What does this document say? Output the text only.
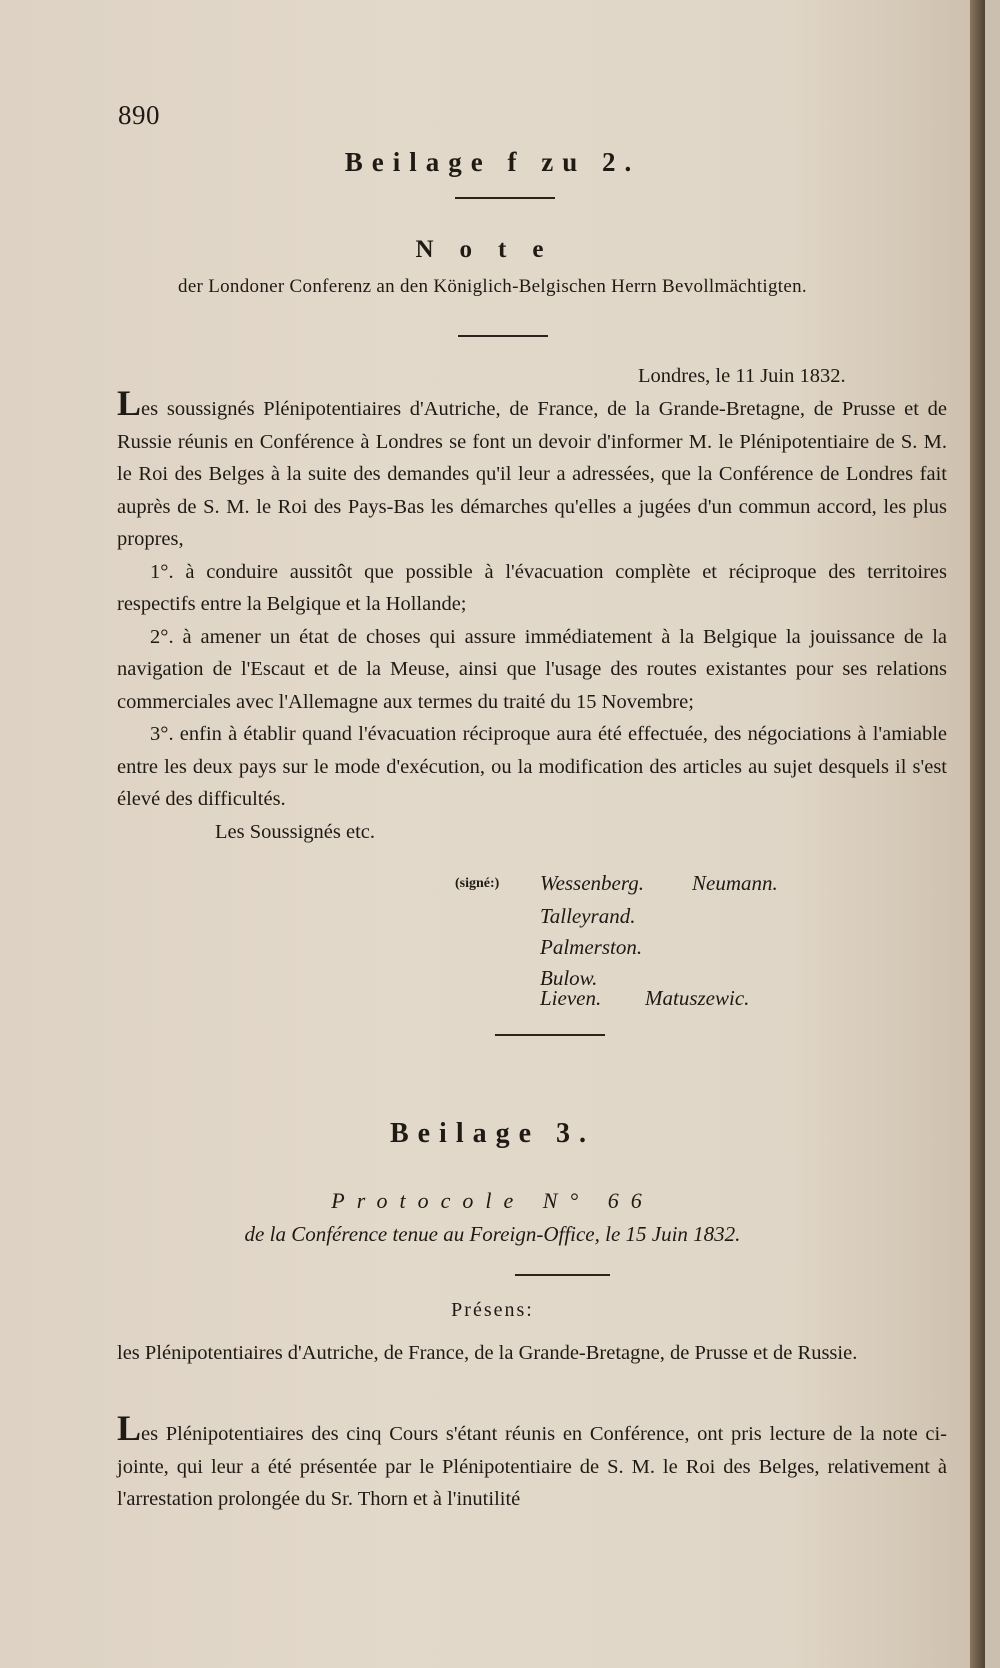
890
Beilage f zu 2.
Note
der Londoner Conferenz an den Königlich-Belgischen Herrn Bevollmächtigten.
Londres, le 11 Juin 1832.

Les soussignés Plénipotentiaires d'Autriche, de France, de la Grande-Bretagne, de Prusse et de Russie réunis en Conférence à Londres se font un devoir d'informer M. le Plénipotentiaire de S. M. le Roi des Belges à la suite des demandes qu'il leur a adressées, que la Conférence de Londres fait auprès de S. M. le Roi des Pays-Bas les démarches qu'elles a jugées d'un commun accord, les plus propres,

1°. à conduire aussitôt que possible à l'évacuation complète et réciproque des territoires respectifs entre la Belgique et la Hollande;

2°. à amener un état de choses qui assure immédiatement à la Belgique la jouissance de la navigation de l'Escaut et de la Meuse, ainsi que l'usage des routes existantes pour ses relations commerciales avec l'Allemagne aux termes du traité du 15 Novembre;

3°. enfin à établir quand l'évacuation réciproque aura été effectuée, des négociations à l'amiable entre les deux pays sur le mode d'exécution, ou la modification des articles au sujet desquels il s'est élevé des difficultés.

Les Soussignés etc.

(signé:) Wessenberg. Neumann.
Talleyrand.
Palmerston.
Bulow.
Lieven. Matuszewic.
Beilage 3.
Protocole N° 66
de la Conférence tenue au Foreign-Office, le 15 Juin 1832.
Présens:

les Plénipotentiaires d'Autriche, de France, de la Grande-Bretagne, de Prusse et de Russie.

Les Plénipotentiaires des cinq Cours s'étant réunis en Conférence, ont pris lecture de la note ci-jointe, qui leur a été présentée par le Plénipotentiaire de S. M. le Roi des Belges, relativement à l'arrestation prolongée du Sr. Thorn et à l'inutilité
